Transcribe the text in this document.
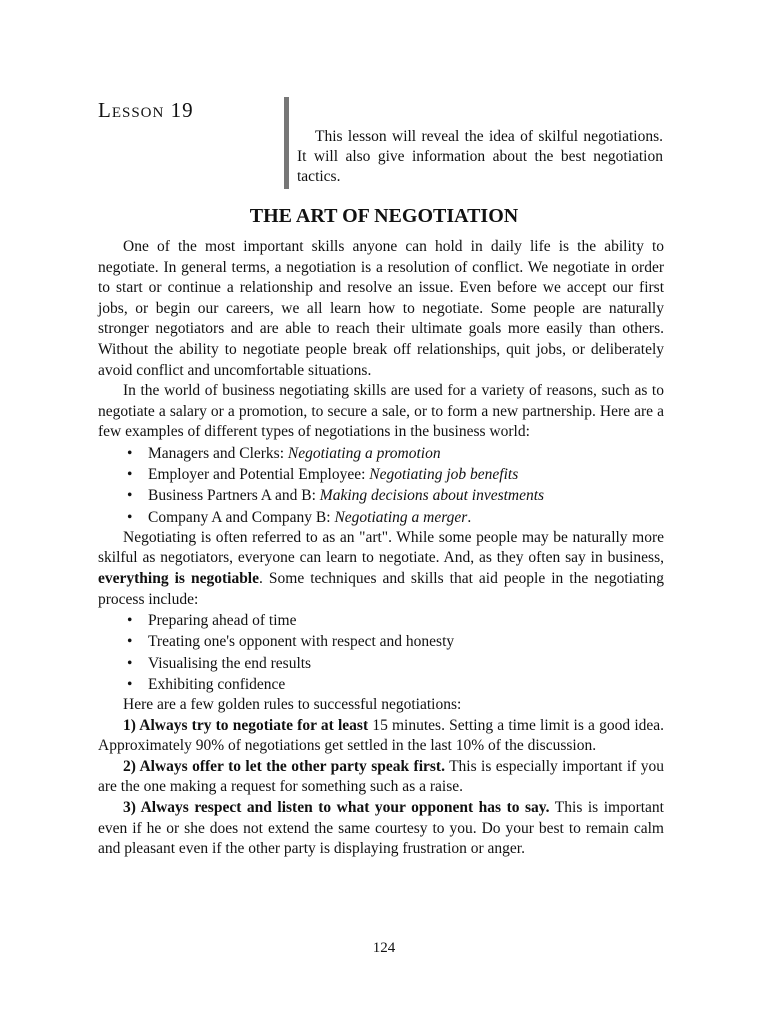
Lesson 19
This lesson will reveal the idea of skilful negotiations. It will also give information about the best negotiation tactics.
THE ART OF NEGOTIATION

One of the most important skills anyone can hold in daily life is the ability to negotiate. In general terms, a negotiation is a resolution of conflict. We negotiate in order to start or continue a relationship and resolve an issue. Even before we accept our first jobs, or begin our careers, we all learn how to negotiate. Some people are naturally stronger negotiators and are able to reach their ultimate goals more easily than others. Without the ability to negotiate people break off relationships, quit jobs, or deliberately avoid conflict and uncomfortable situations.

In the world of business negotiating skills are used for a variety of reasons, such as to negotiate a salary or a promotion, to secure a sale, or to form a new partnership. Here are a few examples of different types of negotiations in the business world:

• Managers and Clerks: Negotiating a promotion
• Employer and Potential Employee: Negotiating job benefits
• Business Partners A and B: Making decisions about investments
• Company A and Company B: Negotiating a merger.

Negotiating is often referred to as an "art". While some people may be naturally more skilful as negotiators, everyone can learn to negotiate. And, as they often say in business, everything is negotiable. Some techniques and skills that aid people in the negotiating process include:

• Preparing ahead of time
• Treating one's opponent with respect and honesty
• Visualising the end results
• Exhibiting confidence

Here are a few golden rules to successful negotiations:

1) Always try to negotiate for at least 15 minutes. Setting a time limit is a good idea. Approximately 90% of negotiations get settled in the last 10% of the discussion.

2) Always offer to let the other party speak first. This is especially important if you are the one making a request for something such as a raise.

3) Always respect and listen to what your opponent has to say. This is important even if he or she does not extend the same courtesy to you. Do your best to remain calm and pleasant even if the other party is displaying frustration or anger.

124
